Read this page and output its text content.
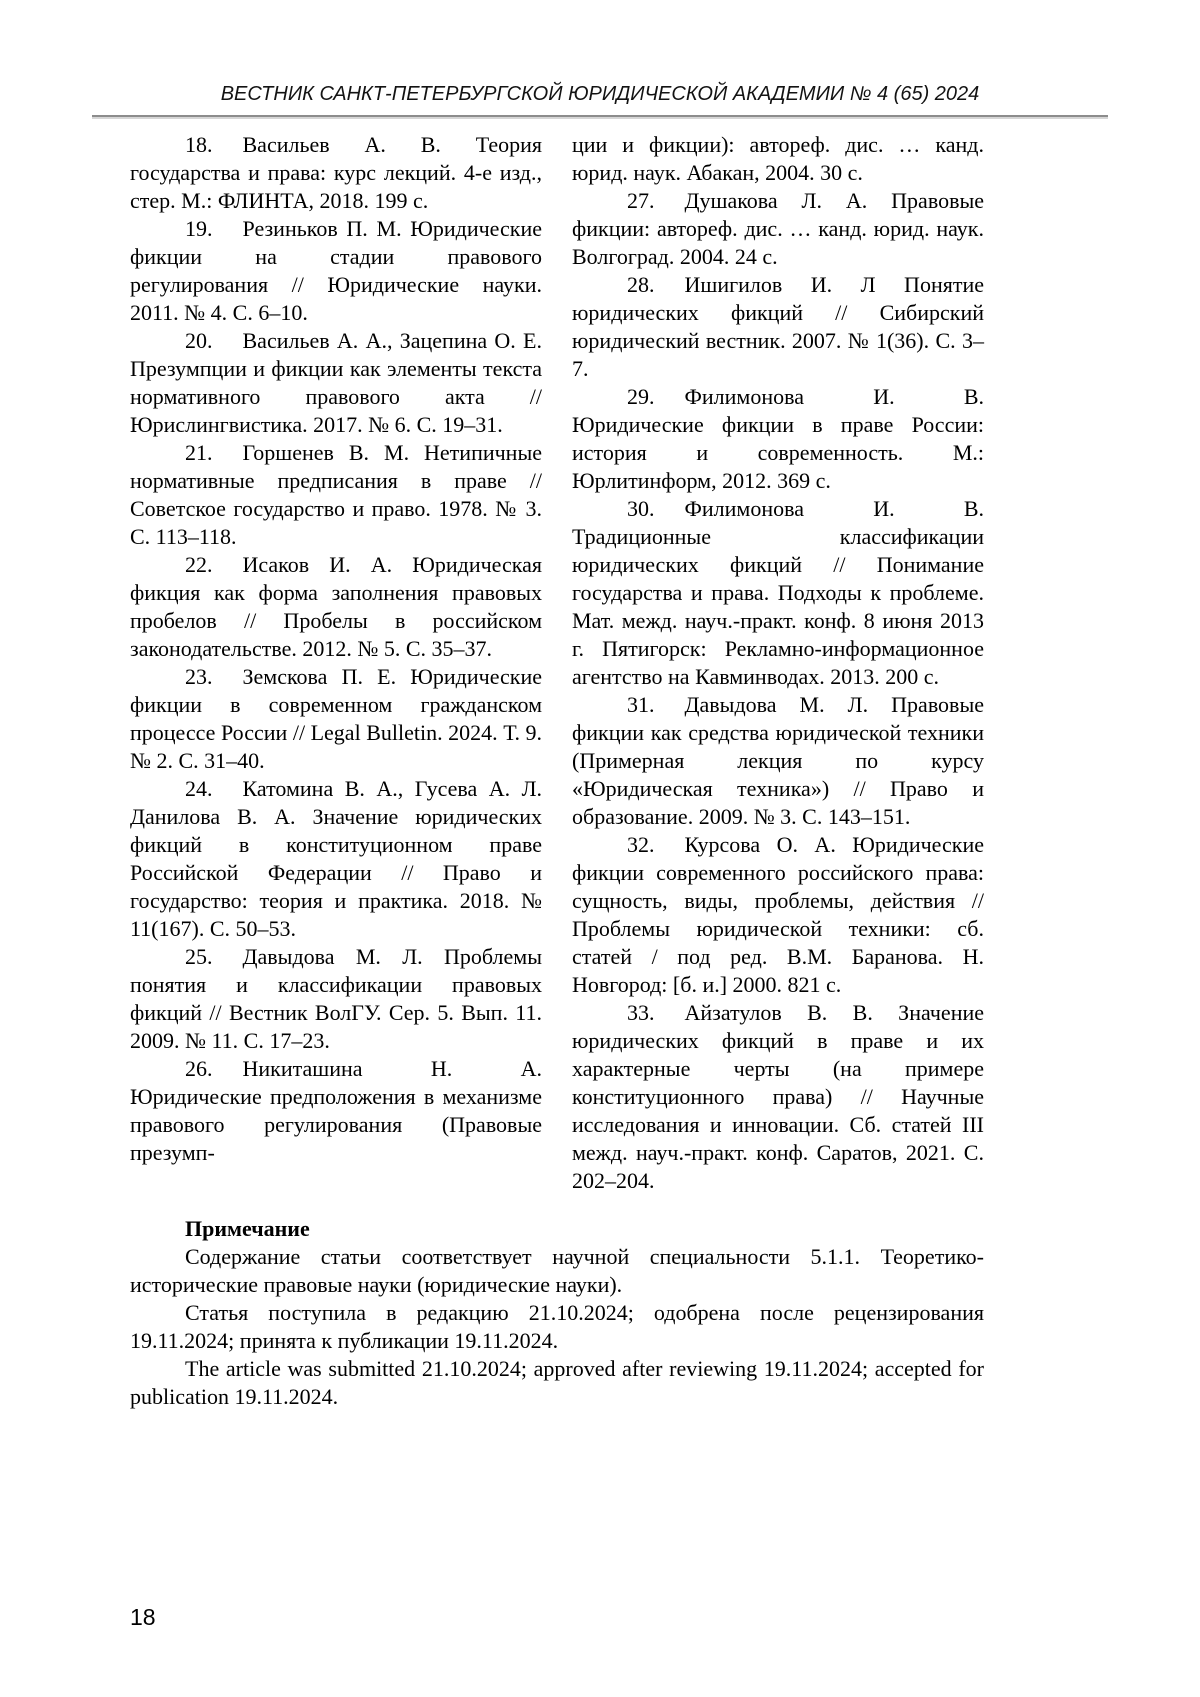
ВЕСТНИК САНКТ-ПЕТЕРБУРГСКОЙ ЮРИДИЧЕСКОЙ АКАДЕМИИ № 4 (65) 2024

18. Васильев А. В. Теория государства и права: курс лекций. 4-е изд., стер. М.: ФЛИНТА, 2018. 199 с.

19. Резиньков П. М. Юридические фикции на стадии правового регулирования // Юридические науки. 2011. № 4. С. 6–10.

20. Васильев А. А., Зацепина О. Е. Презумпции и фикции как элементы текста нормативного правового акта // Юрислингвистика. 2017. № 6. С. 19–31.

21. Горшенев В. М. Нетипичные нормативные предписания в праве // Советское государство и право. 1978. № 3. С. 113–118.

22. Исаков И. А. Юридическая фикция как форма заполнения правовых пробелов // Пробелы в российском законодательстве. 2012. № 5. С. 35–37.

23. Земскова П. Е. Юридические фикции в современном гражданском процессе России // Legal Bulletin. 2024. Т. 9. № 2. С. 31–40.

24. Катомина В. А., Гусева А. Л. Данилова В. А. Значение юридических фикций в конституционном праве Российской Федерации // Право и государство: теория и практика. 2018. № 11(167). С. 50–53.

25. Давыдова М. Л. Проблемы понятия и классификации правовых фикций // Вестник ВолГУ. Сер. 5. Вып. 11. 2009. № 11. С. 17–23.

26. Никиташина Н. А. Юридические предположения в механизме правового регулирования (Правовые презумп-

ции и фикции): автореф. дис. … канд. юрид. наук. Абакан, 2004. 30 с.

27. Душакова Л. А. Правовые фикции: автореф. дис. … канд. юрид. наук. Волгоград. 2004. 24 с.

28. Ишигилов И. Л Понятие юридических фикций // Сибирский юридический вестник. 2007. № 1(36). С. 3–7.

29. Филимонова И. В. Юридические фикции в праве России: история и современность. М.: Юрлитинформ, 2012. 369 с.

30. Филимонова И. В. Традиционные классификации юридических фикций // Понимание государства и права. Подходы к проблеме. Мат. межд. науч.-практ. конф. 8 июня 2013 г. Пятигорск: Рекламно-информационное агентство на Кавминводах. 2013. 200 с.

31. Давыдова М. Л. Правовые фикции как средства юридической техники (Примерная лекция по курсу «Юридическая техника») // Право и образование. 2009. № 3. С. 143–151.

32. Курсова О. А. Юридические фикции современного российского права: сущность, виды, проблемы, действия // Проблемы юридической техники: сб. статей / под ред. В.М. Баранова. Н. Новгород: [б. и.] 2000. 821 с.

33. Айзатулов В. В. Значение юридических фикций в праве и их характерные черты (на примере конституционного права) // Научные исследования и инновации. Сб. статей III межд. науч.-практ. конф. Саратов, 2021. С. 202–204.

Примечание

Содержание статьи соответствует научной специальности 5.1.1. Теоретико-исторические правовые науки (юридические науки).

Статья поступила в редакцию 21.10.2024; одобрена после рецензирования 19.11.2024; принята к публикации 19.11.2024.

The article was submitted 21.10.2024; approved after reviewing 19.11.2024; accepted for publication 19.11.2024.

18
